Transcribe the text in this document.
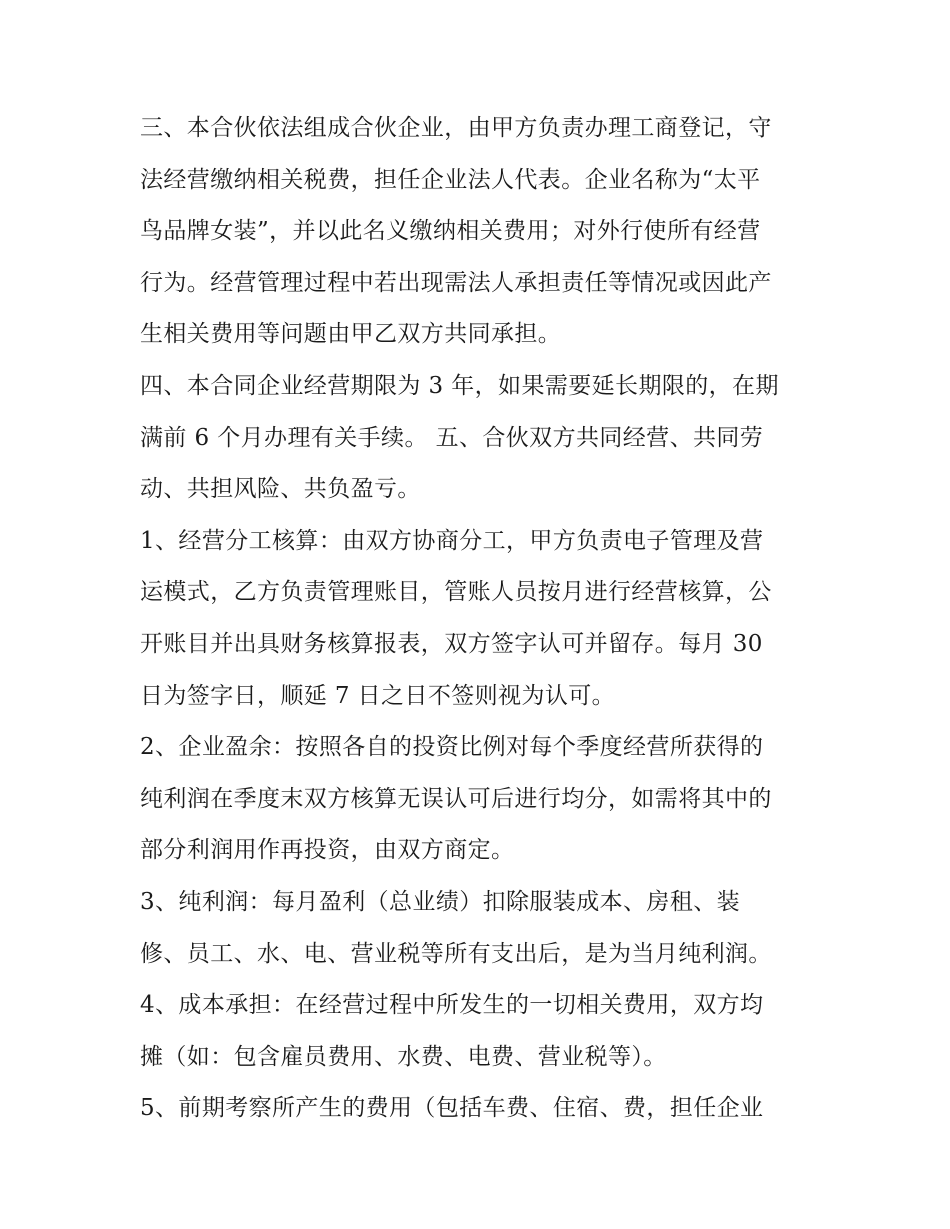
三、本合伙依法组成合伙企业，由甲方负责办理工商登记，守
法经营缴纳相关税费，担任企业法人代表。企业名称为“太平
鸟品牌女装”，并以此名义缴纳相关费用；对外行使所有经营
行为。经营管理过程中若出现需法人承担责任等情况或因此产
生相关费用等问题由甲乙双方共同承担。
四、本合同企业经营期限为 3 年，如果需要延长期限的，在期
满前 6 个月办理有关手续。 五、合伙双方共同经营、共同劳
动、共担风险、共负盈亏。
1、经营分工核算：由双方协商分工，甲方负责电子管理及营
运模式，乙方负责管理账目，管账人员按月进行经营核算，公
开账目并出具财务核算报表，双方签字认可并留存。每月 30
日为签字日，顺延 7 日之日不签则视为认可。
2、企业盈余：按照各自的投资比例对每个季度经营所获得的
纯利润在季度末双方核算无误认可后进行均分，如需将其中的
部分利润用作再投资，由双方商定。
3、纯利润：每月盈利（总业绩）扣除服装成本、房租、装
修、员工、水、电、营业税等所有支出后，是为当月纯利润。
4、成本承担：在经营过程中所发生的一切相关费用，双方均
摊（如：包含雇员费用、水费、电费、营业税等）。
5、前期考察所产生的费用（包括车费、住宿、费，担任企业
